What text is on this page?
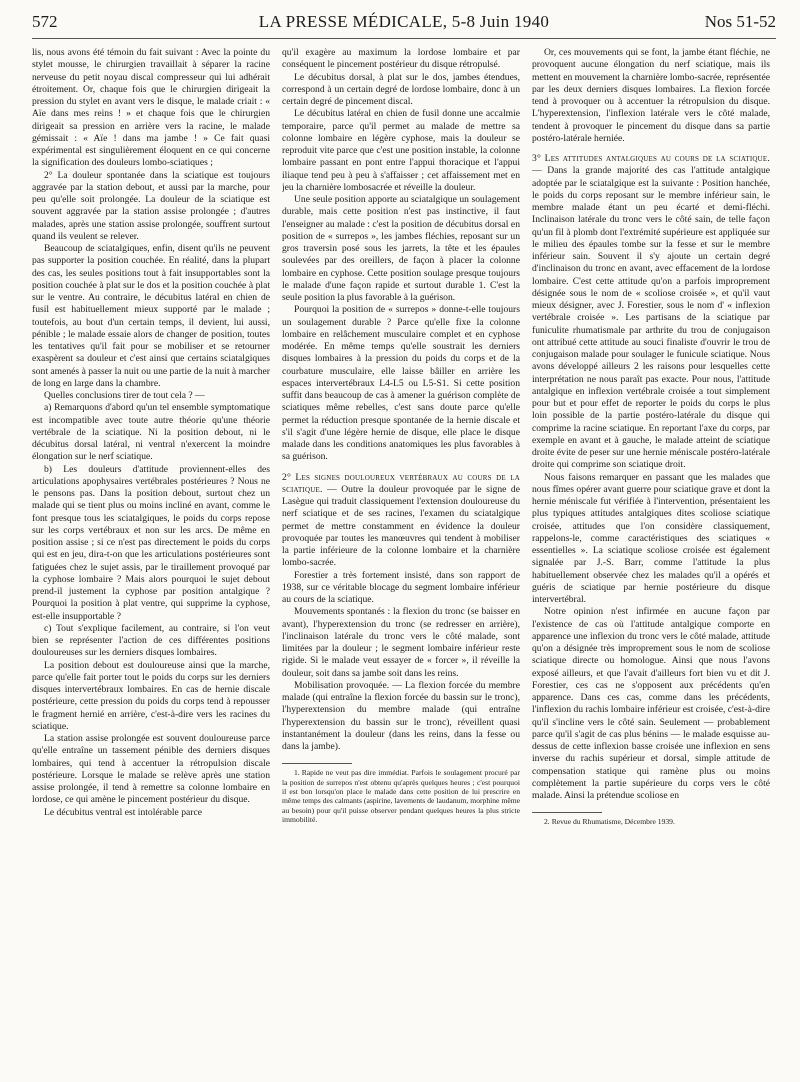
572	LA PRESSE MÉDICALE, 5-8 Juin 1940	Nos 51-52

lis, nous avons été témoin du fait suivant : Avec la pointe du stylet mousse, le chirurgien travaillait à séparer la racine nerveuse du petit noyau discal compresseur qui lui adhérait étroitement. Or, chaque fois que le chirurgien dirigeait la pression du stylet en avant vers le disque, le malade criait : « Aïe dans mes reins ! » et chaque fois que le chirurgien dirigeait sa pression en arrière vers la racine, le malade gémissait : « Aïe ! dans ma jambe ! » Ce fait quasi expérimental est singulièrement éloquent en ce qui concerne la signification des douleurs lombo-sciatiques ;

2° La douleur spontanée dans la sciatique est toujours aggravée par la station debout, et aussi par la marche, pour peu qu'elle soit prolongée. La douleur de la sciatique est souvent aggravée par la station assise prolongée ; d'autres malades, après une station assise prolongée, souffrent surtout quand ils veulent se relever.

Beaucoup de sciatalgiques, enfin, disent qu'ils ne peuvent pas supporter la position couchée. En réalité, dans la plupart des cas, les seules positions tout à fait insupportables sont la position couchée à plat sur le dos et la position couchée à plat sur le ventre. Au contraire, le décubitus latéral en chien de fusil est habituellement mieux supporté par le malade ; toutefois, au bout d'un certain temps, il devient, lui aussi, pénible ; le malade essaie alors de changer de position, toutes les tentatives qu'il fait pour se mobiliser et se retourner exaspèrent sa douleur et c'est ainsi que certains sciatalgiques sont amenés à passer la nuit ou une partie de la nuit à marcher de long en large dans la chambre.

Quelles conclusions tirer de tout cela ? —

a) Remarquons d'abord qu'un tel ensemble symptomatique est incompatible avec toute autre théorie qu'une théorie vertébrale de la sciatique. Ni la position debout, ni le décubitus dorsal latéral, ni ventral n'exercent la moindre élongation sur le nerf sciatique.

b) Les douleurs d'attitude proviennent-elles des articulations apophysaires vertébrales postérieures ? Nous ne le pensons pas. Dans la position debout, surtout chez un malade qui se tient plus ou moins incliné en avant, comme le font presque tous les sciatalgiques, le poids du corps repose sur les corps vertébraux et non sur les arcs. De même en position assise ; si ce n'est pas directement le poids du corps qui est en jeu, dira-t-on que les articulations postérieures sont fatiguées chez le sujet assis, par le tiraillement provoqué par la cyphose lombaire ? Mais alors pourquoi le sujet debout prend-il justement la cyphose par position antalgique ? Pourquoi la position à plat ventre, qui supprime la cyphose, est-elle insupportable ?

c) Tout s'explique facilement, au contraire, si l'on veut bien se représenter l'action de ces différentes positions douloureuses sur les derniers disques lombaires.

La position debout est douloureuse ainsi que la marche, parce qu'elle fait porter tout le poids du corps sur les derniers disques intervertébraux lombaires. En cas de hernie discale postérieure, cette pression du poids du corps tend à repousser le fragment hernié en arrière, c'est-à-dire vers les racines du sciatique.

La station assise prolongée est souvent douloureuse parce qu'elle entraîne un tassement pénible des derniers disques lombaires, qui tend à accentuer la rétropulsion discale postérieure. Lorsque le malade se relève après une station assise prolongée, il tend à remettre sa colonne lombaire en lordose, ce qui amène le pincement postérieur du disque.

Le décubitus ventral est intolérable parce

qu'il exagère au maximum la lordose lombaire et par conséquent le pincement postérieur du disque rétropulsé.

Le décubitus dorsal, à plat sur le dos, jambes étendues, correspond à un certain degré de lordose lombaire, donc à un certain degré de pincement discal.

Le décubitus latéral en chien de fusil donne une accalmie temporaire, parce qu'il permet au malade de mettre sa colonne lombaire en légère cyphose, mais la douleur se reproduit vite parce que c'est une position instable, la colonne lombaire passant en pont entre l'appui thoracique et l'appui iliaque tend peu à peu à s'affaisser ; cet affaissement met en jeu la charnière lombosacrée et réveille la douleur.

Une seule position apporte au sciatalgique un soulagement durable, mais cette position n'est pas instinctive, il faut l'enseigner au malade : c'est la position de décubitus dorsal en position de « surrepos », les jambes fléchies, reposant sur un gros traversin posé sous les jarrets, la tête et les épaules soulevées par des oreillers, de façon à placer la colonne lombaire en cyphose. Cette position soulage presque toujours le malade d'une façon rapide et surtout durable 1. C'est la seule position la plus favorable à la guérison.

Pourquoi la position de « surrepos » donne-t-elle toujours un soulagement durable ? Parce qu'elle fixe la colonne lombaire en relâchement musculaire complet et en cyphose modérée. En même temps qu'elle soustrait les derniers disques lombaires à la pression du poids du corps et de la courbature musculaire, elle laisse bâiller en arrière les espaces intervertébraux L4-L5 ou L5-S1. Si cette position suffit dans beaucoup de cas à amener la guérison complète de sciatiques même rebelles, c'est sans doute parce qu'elle permet la réduction presque spontanée de la hernie discale et s'il s'agit d'une légère hernie de disque, elle place le disque malade dans les conditions anatomiques les plus favorables à sa guérison.

2° Les signes douloureux vertébraux au cours de la sciatique. — Outre la douleur provoquée par le signe de Lasègue qui traduit classiquement l'extension douloureuse du nerf sciatique et de ses racines, l'examen du sciatalgique permet de mettre constamment en évidence la douleur provoquée par toutes les manœuvres qui tendent à mobiliser la partie inférieure de la colonne lombaire et la charnière lombo-sacrée.

Forestier a très fortement insisté, dans son rapport de 1938, sur ce véritable blocage du segment lombaire inférieur au cours de la sciatique.

Mouvements spontanés : la flexion du tronc (se baisser en avant), l'hyperextension du tronc (se redresser en arrière), l'inclinaison latérale du tronc vers le côté malade, sont limitées par la douleur ; le segment lombaire inférieur reste rigide. Si le malade veut essayer de « forcer », il réveille la douleur, soit dans sa jambe soit dans les reins.

Mobilisation provoquée. — La flexion forcée du membre malade (qui entraîne la flexion forcée du bassin sur le tronc), l'hyperextension du membre malade (qui entraîne l'hyperextension du bassin sur le tronc), réveillent quasi instantanément la douleur (dans les reins, dans la fesse ou dans la jambe).

1. Rapide ne veut pas dire immédiat. Parfois le soulagement procuré par la position de surrepos n'est obtenu qu'après quelques heures ; c'est pourquoi il est bon lorsqu'on place le malade dans cette position de lui prescrire en même temps des calmants (aspirine, lavements de laudanum, morphine même au besoin) pour qu'il puisse observer pendant quelques heures la plus stricte immobilité.

Or, ces mouvements qui se font, la jambe étant fléchie, ne provoquent aucune élongation du nerf sciatique, mais ils mettent en mouvement la charnière lombo-sacrée, représentée par les deux derniers disques lombaires. La flexion forcée tend à provoquer ou à accentuer la rétropulsion du disque. L'hyperextension, l'inflexion latérale vers le côté malade, tendent à provoquer le pincement du disque dans sa partie postéro-latérale herniée.

3° Les attitudes antalgiques au cours de la sciatique. — Dans la grande majorité des cas l'attitude antalgique adoptée par le sciatalgique est la suivante : Position hanchée, le poids du corps reposant sur le membre inférieur sain, le membre malade étant un peu écarté et demi-fléchi. Inclinaison latérale du tronc vers le côté sain, de telle façon qu'un fil à plomb dont l'extrémité supérieure est appliquée sur le milieu des épaules tombe sur la fesse et sur le membre inférieur sain. Souvent il s'y ajoute un certain degré d'inclinaison du tronc en avant, avec effacement de la lordose lombaire. C'est cette attitude qu'on a parfois improprement désignée sous le nom de « scoliose croisée », et qu'il vaut mieux désigner, avec J. Forestier, sous le nom d' « inflexion vertébrale croisée ». Les partisans de la sciatique par funiculite rhumatismale par arthrite du trou de conjugaison ont attribué cette attitude au souci finaliste d'ouvrir le trou de conjugaison malade pour soulager le funicule sciatique. Nous avons développé ailleurs 2 les raisons pour lesquelles cette interprétation ne nous paraît pas exacte. Pour nous, l'attitude antalgique en inflexion vertébrale croisée a tout simplement pour but et pour effet de reporter le poids du corps le plus loin possible de la partie postéro-latérale du disque qui comprime la racine sciatique. En reportant l'axe du corps, par exemple en avant et à gauche, le malade atteint de sciatique droite évite de peser sur une hernie méniscale postéro-latérale droite qui comprime son sciatique droit.

Nous faisons remarquer en passant que les malades que nous fîmes opérer avant guerre pour sciatique grave et dont la hernie méniscale fut vérifiée à l'intervention, présentaient les plus typiques attitudes antalgiques dites scoliose sciatique croisée, attitudes que l'on considère classiquement, rappelons-le, comme caractéristiques des sciatiques « essentielles ». La sciatique scoliose croisée est également signalée par J.-S. Barr, comme l'attitude la plus habituellement observée chez les malades qu'il a opérés et guéris de sciatique par hernie postérieure du disque intervertébral.

Notre opinion n'est infirmée en aucune façon par l'existence de cas où l'attitude antalgique comporte en apparence une inflexion du tronc vers le côté malade, attitude qu'on a désignée très improprement sous le nom de scoliose sciatique directe ou homologue. Ainsi que nous l'avons exposé ailleurs, et que l'avait d'ailleurs fort bien vu et dit J. Forestier, ces cas ne s'opposent aux précédents qu'en apparence. Dans ces cas, comme dans les précédents, l'inflexion du rachis lombaire inférieur est croisée, c'est-à-dire qu'il s'incline vers le côté sain. Seulement — probablement parce qu'il s'agit de cas plus bénins — le malade esquisse au-dessus de cette inflexion basse croisée une inflexion en sens inverse du rachis supérieur et dorsal, simple attitude de compensation statique qui ramène plus ou moins complètement la partie supérieure du corps vers le côté malade. Ainsi la prétendue scoliose en

2. Revue du Rhumatisme, Décembre 1939.
